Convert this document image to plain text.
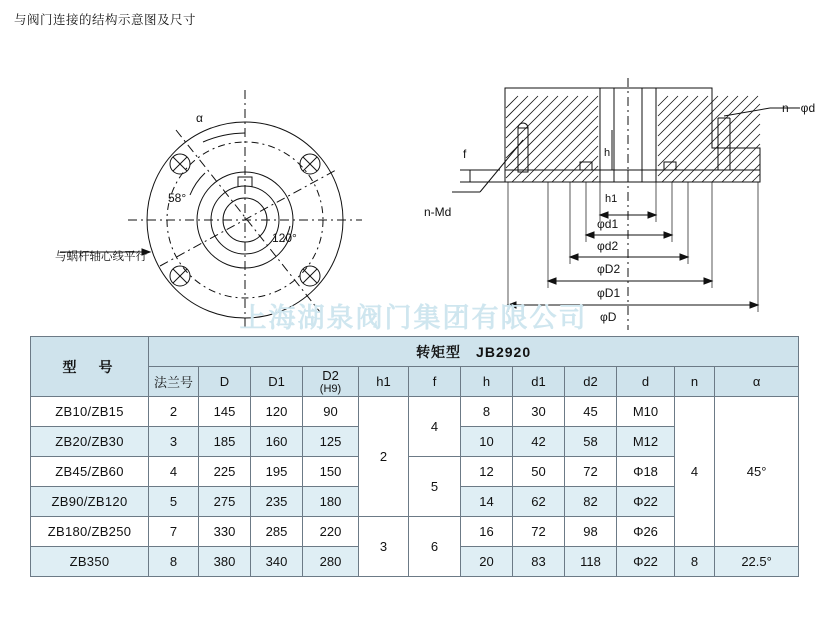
与阀门连接的结构示意图及尺寸
α
58°
120°
与蜗杆轴心线平行
n－φd
n-Md
f	h
h1
φd1
φd2
φD2
φD1
φD
上海湖泉阀门集团有限公司
型　号	转矩型　JB2920											
	法兰号	D	D1	D2
(H9)	h1	f	h	d1	d2	d	n	α
ZB10/ZB15	2	145	120	90	2	4	8	30	45	M10	4	45°
ZB20/ZB30	3	185	160	125			10	42	58	M12		
ZB45/ZB60	4	225	195	150		5	12	50	72	Φ18		
ZB90/ZB120	5	275	235	180			14	62	82	Φ22		
ZB180/ZB250	7	330	285	220	3	6	16	72	98	Φ26		
ZB350	8	380	340	280			20	83	118	Φ22	8	22.5°
